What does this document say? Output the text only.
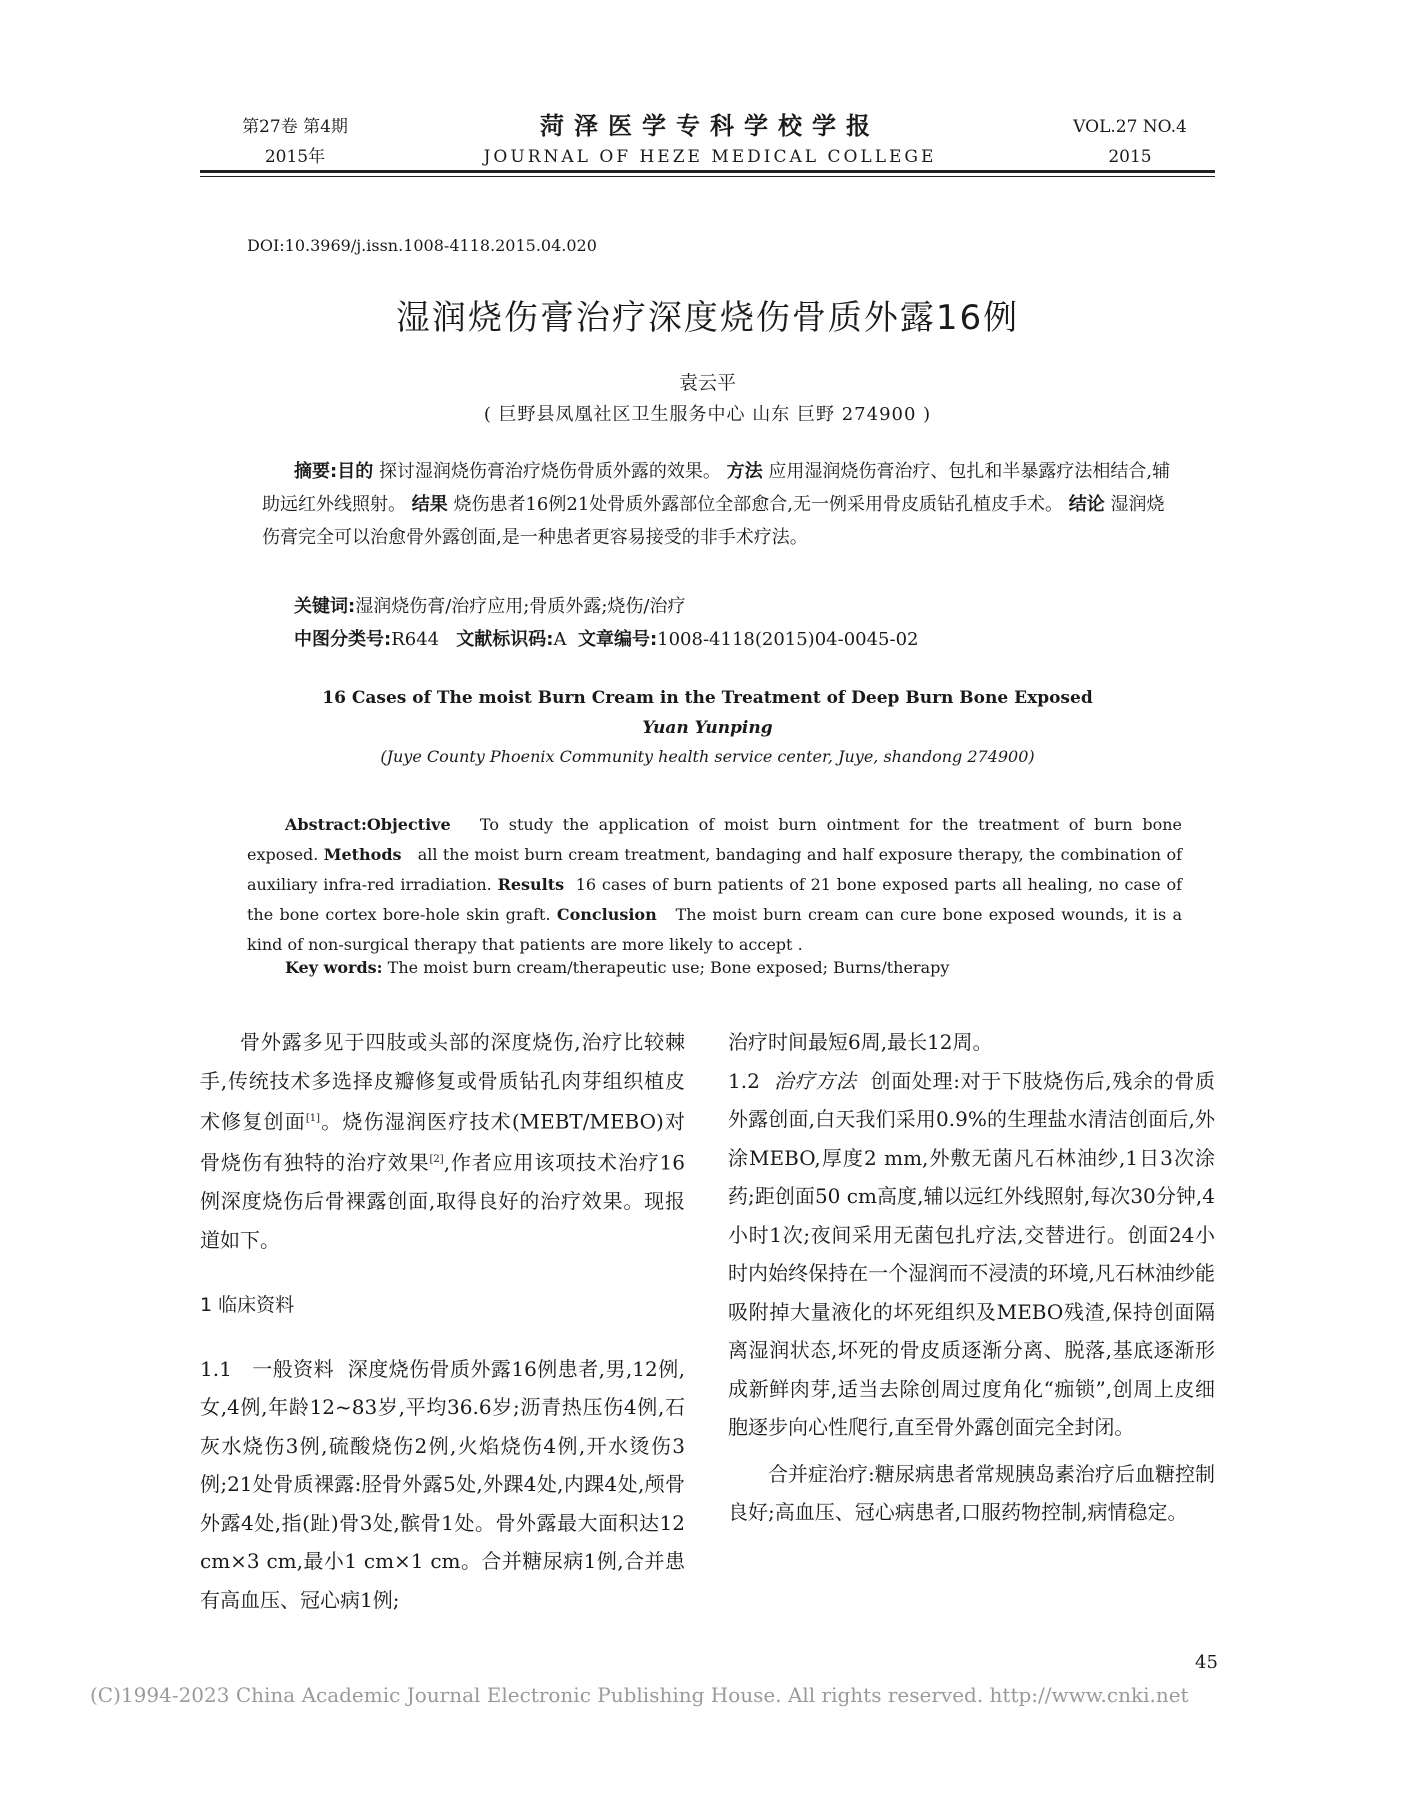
第27卷 第4期
2015年
菏泽医学专科学校学报
JOURNAL OF HEZE MEDICAL COLLEGE
VOL.27 NO.4
2015
DOI:10.3969/j.issn.1008-4118.2015.04.020
湿润烧伤膏治疗深度烧伤骨质外露16例
袁云平
( 巨野县凤凰社区卫生服务中心 山东 巨野 274900 )
摘要:目的 探讨湿润烧伤膏治疗烧伤骨质外露的效果。 方法 应用湿润烧伤膏治疗、包扎和半暴露疗法相结合,辅助远红外线照射。 结果 烧伤患者16例21处骨质外露部位全部愈合,无一例采用骨皮质钻孔植皮手术。 结论 湿润烧伤膏完全可以治愈骨外露创面,是一种患者更容易接受的非手术疗法。
关键词:湿润烧伤膏/治疗应用;骨质外露;烧伤/治疗
中图分类号:R644 文献标识码:A 文章编号:1008-4118(2015)04-0045-02
16 Cases of The moist Burn Cream in the Treatment of Deep Burn Bone Exposed
Yuan Yunping
(Juye County Phoenix Community health service center, Juye, shandong 274900)
Abstract:Objective To study the application of moist burn ointment for the treatment of burn bone exposed. Methods all the moist burn cream treatment, bandaging and half exposure therapy, the combination of auxiliary infra-red irradiation. Results 16 cases of burn patients of 21 bone exposed parts all healing, no case of the bone cortex bore-hole skin graft. Conclusion The moist burn cream can cure bone exposed wounds, it is a kind of non-surgical therapy that patients are more likely to accept .
Key words: The moist burn cream/therapeutic use; Bone exposed; Burns/therapy

骨外露多见于四肢或头部的深度烧伤,治疗比较棘手,传统技术多选择皮瓣修复或骨质钻孔肉芽组织植皮术修复创面[1]。烧伤湿润医疗技术(MEBT/MEBO)对骨烧伤有独特的治疗效果[2],作者应用该项技术治疗16例深度烧伤后骨裸露创面,取得良好的治疗效果。现报道如下。

1 临床资料

1.1 一般资料 深度烧伤骨质外露16例患者,男,12例,女,4例,年龄12~83岁,平均36.6岁;沥青热压伤4例,石灰水烧伤3例,硫酸烧伤2例,火焰烧伤4例,开水烫伤3例;21处骨质裸露:胫骨外露5处,外踝4处,内踝4处,颅骨外露4处,指(趾)骨3处,髌骨1处。骨外露最大面积达12 cm×3 cm,最小1 cm×1 cm。合并糖尿病1例,合并患有高血压、冠心病1例;

治疗时间最短6周,最长12周。

1.2 治疗方法 创面处理:对于下肢烧伤后,残余的骨质外露创面,白天我们采用0.9%的生理盐水清洁创面后,外涂MEBO,厚度2 mm,外敷无菌凡石林油纱,1日3次涂药;距创面50 cm高度,辅以远红外线照射,每次30分钟,4小时1次;夜间采用无菌包扎疗法,交替进行。创面24小时内始终保持在一个湿润而不浸渍的环境,凡石林油纱能吸附掉大量液化的坏死组织及MEBO残渣,保持创面隔离湿润状态,坏死的骨皮质逐渐分离、脱落,基底逐渐形成新鲜肉芽,适当去除创周过度角化“痂锁”,创周上皮细胞逐步向心性爬行,直至骨外露创面完全封闭。

合并症治疗:糖尿病患者常规胰岛素治疗后血糖控制良好;高血压、冠心病患者,口服药物控制,病情稳定。

45
(C)1994-2023 China Academic Journal Electronic Publishing House. All rights reserved. http://www.cnki.net
